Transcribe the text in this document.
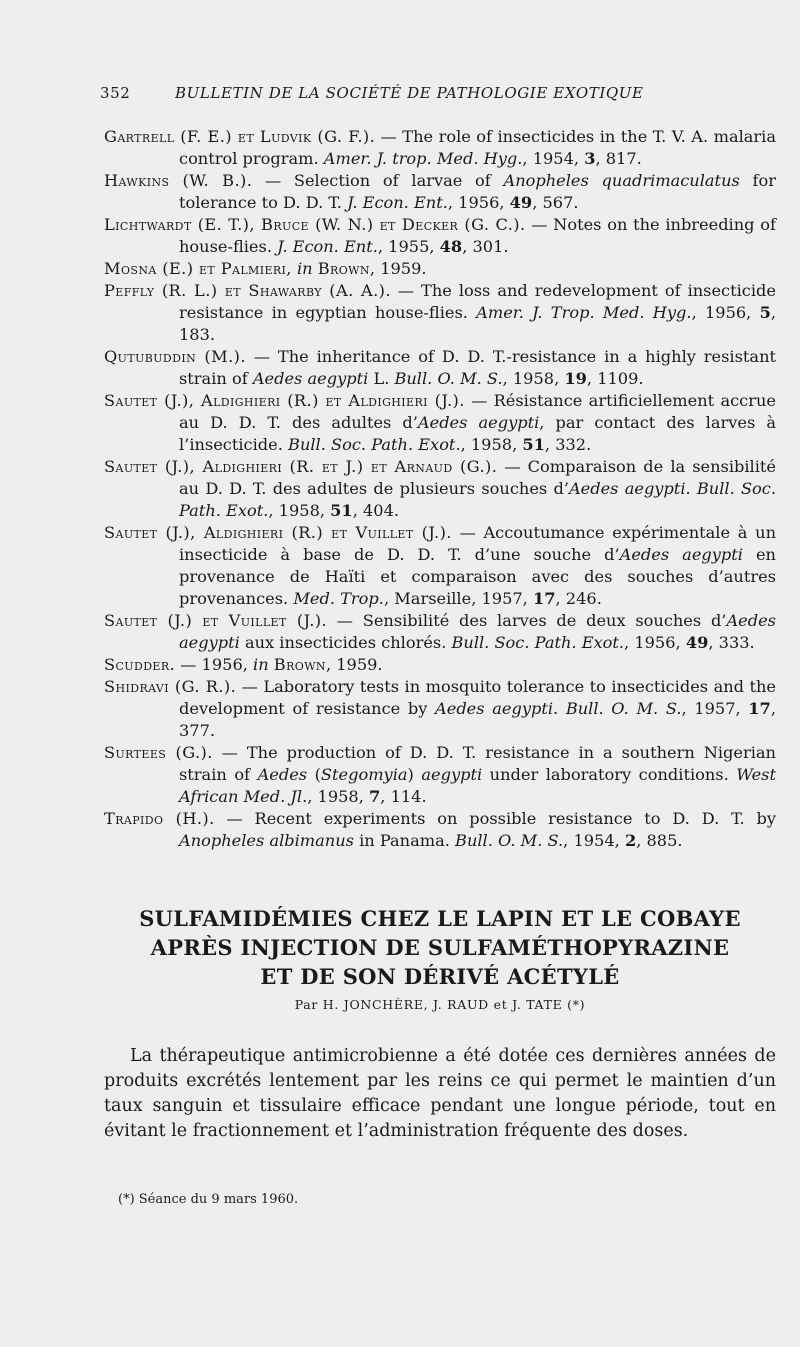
352	BULLETIN DE LA SOCIÉTÉ DE PATHOLOGIE EXOTIQUE

Gartrell (F. E.) et Ludvik (G. F.). — The role of insecticides in the T. V. A. malaria control program. Amer. J. trop. Med. Hyg., 1954, 3, 817.

Hawkins (W. B.). — Selection of larvae of Anopheles quadrimaculatus for tolerance to D. D. T. J. Econ. Ent., 1956, 49, 567.

Lichtwardt (E. T.), Bruce (W. N.) et Decker (G. C.). — Notes on the inbreeding of house-flies. J. Econ. Ent., 1955, 48, 301.

Mosna (E.) et Palmieri, in Brown, 1959.

Peffly (R. L.) et Shawarby (A. A.). — The loss and redevelopment of insecticide resistance in egyptian house-flies. Amer. J. Trop. Med. Hyg., 1956, 5, 183.

Qutubuddin (M.). — The inheritance of D. D. T.-resistance in a highly resistant strain of Aedes aegypti L. Bull. O. M. S., 1958, 19, 1109.

Sautet (J.), Aldighieri (R.) et Aldighieri (J.). — Résistance artificiellement accrue au D. D. T. des adultes d’Aedes aegypti, par contact des larves à l’insecticide. Bull. Soc. Path. Exot., 1958, 51, 332.

Sautet (J.), Aldighieri (R. et J.) et Arnaud (G.). — Comparaison de la sensibilité au D. D. T. des adultes de plusieurs souches d’Aedes aegypti. Bull. Soc. Path. Exot., 1958, 51, 404.

Sautet (J.), Aldighieri (R.) et Vuillet (J.). — Accoutumance expérimentale à un insecticide à base de D. D. T. d’une souche d’Aedes aegypti en provenance de Haïti et comparaison avec des souches d’autres provenances. Med. Trop., Marseille, 1957, 17, 246.

Sautet (J.) et Vuillet (J.). — Sensibilité des larves de deux souches d’Aedes aegypti aux insecticides chlorés. Bull. Soc. Path. Exot., 1956, 49, 333.

Scudder. — 1956, in Brown, 1959.

Shidravi (G. R.). — Laboratory tests in mosquito tolerance to insecticides and the development of resistance by Aedes aegypti. Bull. O. M. S., 1957, 17, 377.

Surtees (G.). — The production of D. D. T. resistance in a southern Nigerian strain of Aedes (Stegomyia) aegypti under laboratory conditions. West African Med. Jl., 1958, 7, 114.

Trapido (H.). — Recent experiments on possible resistance to D. D. T. by Anopheles albimanus in Panama. Bull. O. M. S., 1954, 2, 885.

SULFAMIDÉMIES CHEZ LE LAPIN ET LE COBAYE
APRÈS INJECTION DE SULFAMÉTHOPYRAZINE
ET DE SON DÉRIVÉ ACÉTYLÉ
Par H. JONCHÈRE, J. RAUD et J. TATE (*)

La thérapeutique antimicrobienne a été dotée ces dernières années de produits excrétés lentement par les reins ce qui permet le maintien d’un taux sanguin et tissulaire efficace pendant une longue période, tout en évitant le fractionnement et l’administration fréquente des doses.

(*) Séance du 9 mars 1960.
